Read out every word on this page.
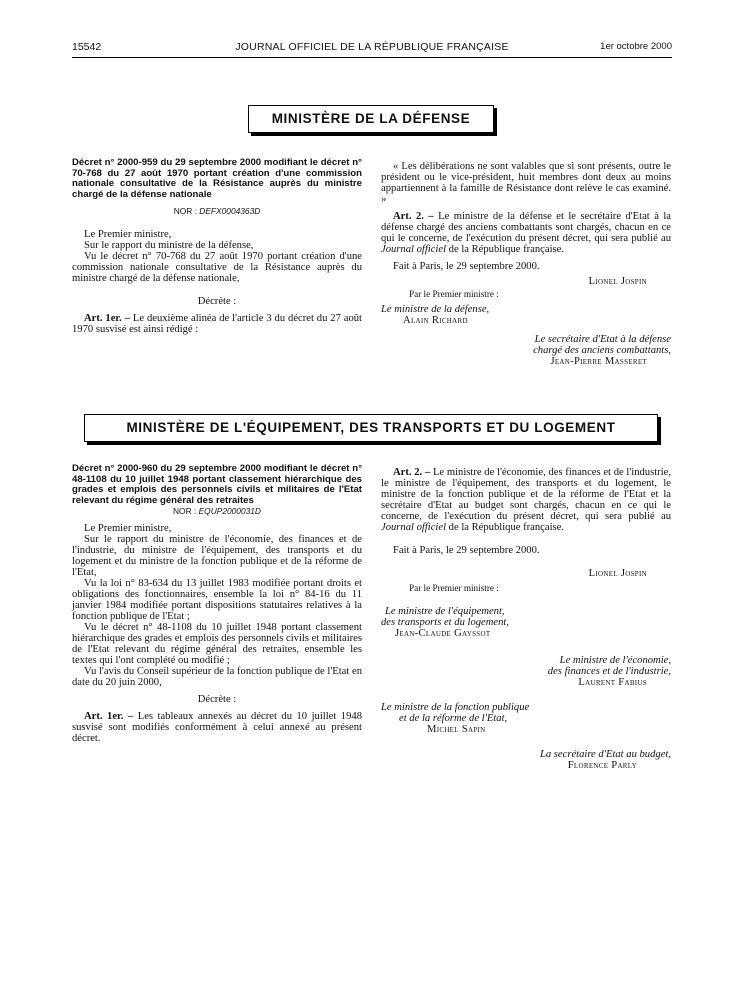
15542	JOURNAL OFFICIEL DE LA RÉPUBLIQUE FRANÇAISE	1er octobre 2000
MINISTÈRE DE LA DÉFENSE

Décret n° 2000-959 du 29 septembre 2000 modifiant le décret n° 70-768 du 27 août 1970 portant création d'une commission nationale consultative de la Résistance auprès du ministre chargé de la défense nationale

NOR : DEFX0004363D

Le Premier ministre,

Sur le rapport du ministre de la défense,

Vu le décret n° 70-768 du 27 août 1970 portant création d'une commission nationale consultative de la Résistance auprès du ministre chargé de la défense nationale,

Décrète :

Art. 1er. – Le deuxième alinéa de l'article 3 du décret du 27 août 1970 susvisé est ainsi rédigé :

« Les délibérations ne sont valables que si sont présents, outre le président ou le vice-président, huit membres dont deux au moins appartiennent à la famille de Résistance dont relève le cas examiné. »

Art. 2. – Le ministre de la défense et le secrétaire d'Etat à la défense chargé des anciens combattants sont chargés, chacun en ce qui le concerne, de l'exécution du présent décret, qui sera publié au Journal officiel de la République française.

Fait à Paris, le 29 septembre 2000.

Lionel Jospin

Par le Premier ministre :

Le ministre de la défense,

Alain Richard

Le secrétaire d'Etat à la défense

chargé des anciens combattants,

Jean-Pierre Masseret

MINISTÈRE DE L'ÉQUIPEMENT, DES TRANSPORTS ET DU LOGEMENT

Décret n° 2000-960 du 29 septembre 2000 modifiant le décret n° 48-1108 du 10 juillet 1948 portant classement hiérarchique des grades et emplois des personnels civils et militaires de l'Etat relevant du régime général des retraites

NOR : EQUP2000031D

Le Premier ministre,

Sur le rapport du ministre de l'économie, des finances et de l'industrie, du ministre de l'équipement, des transports et du logement et du ministre de la fonction publique et de la réforme de l'Etat,

Vu la loi n° 83-634 du 13 juillet 1983 modifiée portant droits et obligations des fonctionnaires, ensemble la loi n° 84-16 du 11 janvier 1984 modifiée portant dispositions statutaires relatives à la fonction publique de l'Etat ;

Vu le décret n° 48-1108 du 10 juillet 1948 portant classement hiérarchique des grades et emplois des personnels civils et militaires de l'Etat relevant du régime général des retraites, ensemble les textes qui l'ont complété ou modifié ;

Vu l'avis du Conseil supérieur de la fonction publique de l'Etat en date du 20 juin 2000,

Décrète :

Art. 1er. – Les tableaux annexés au décret du 10 juillet 1948 susvisé sont modifiés conformément à celui annexé au présent décret.

Art. 2. – Le ministre de l'économie, des finances et de l'industrie, le ministre de l'équipement, des transports et du logement, le ministre de la fonction publique et de la réforme de l'Etat et la secrétaire d'Etat au budget sont chargés, chacun en ce qui le concerne, de l'exécution du présent décret, qui sera publié au Journal officiel de la République française.

Fait à Paris, le 29 septembre 2000.

Lionel Jospin

Par le Premier ministre :

Le ministre de l'équipement,

des transports et du logement,

Jean-Claude Gayssot

Le ministre de l'économie,

des finances et de l'industrie,

Laurent Fabius

Le ministre de la fonction publique

et de la réforme de l'Etat,

Michel Sapin

La secrétaire d'Etat au budget,

Florence Parly
